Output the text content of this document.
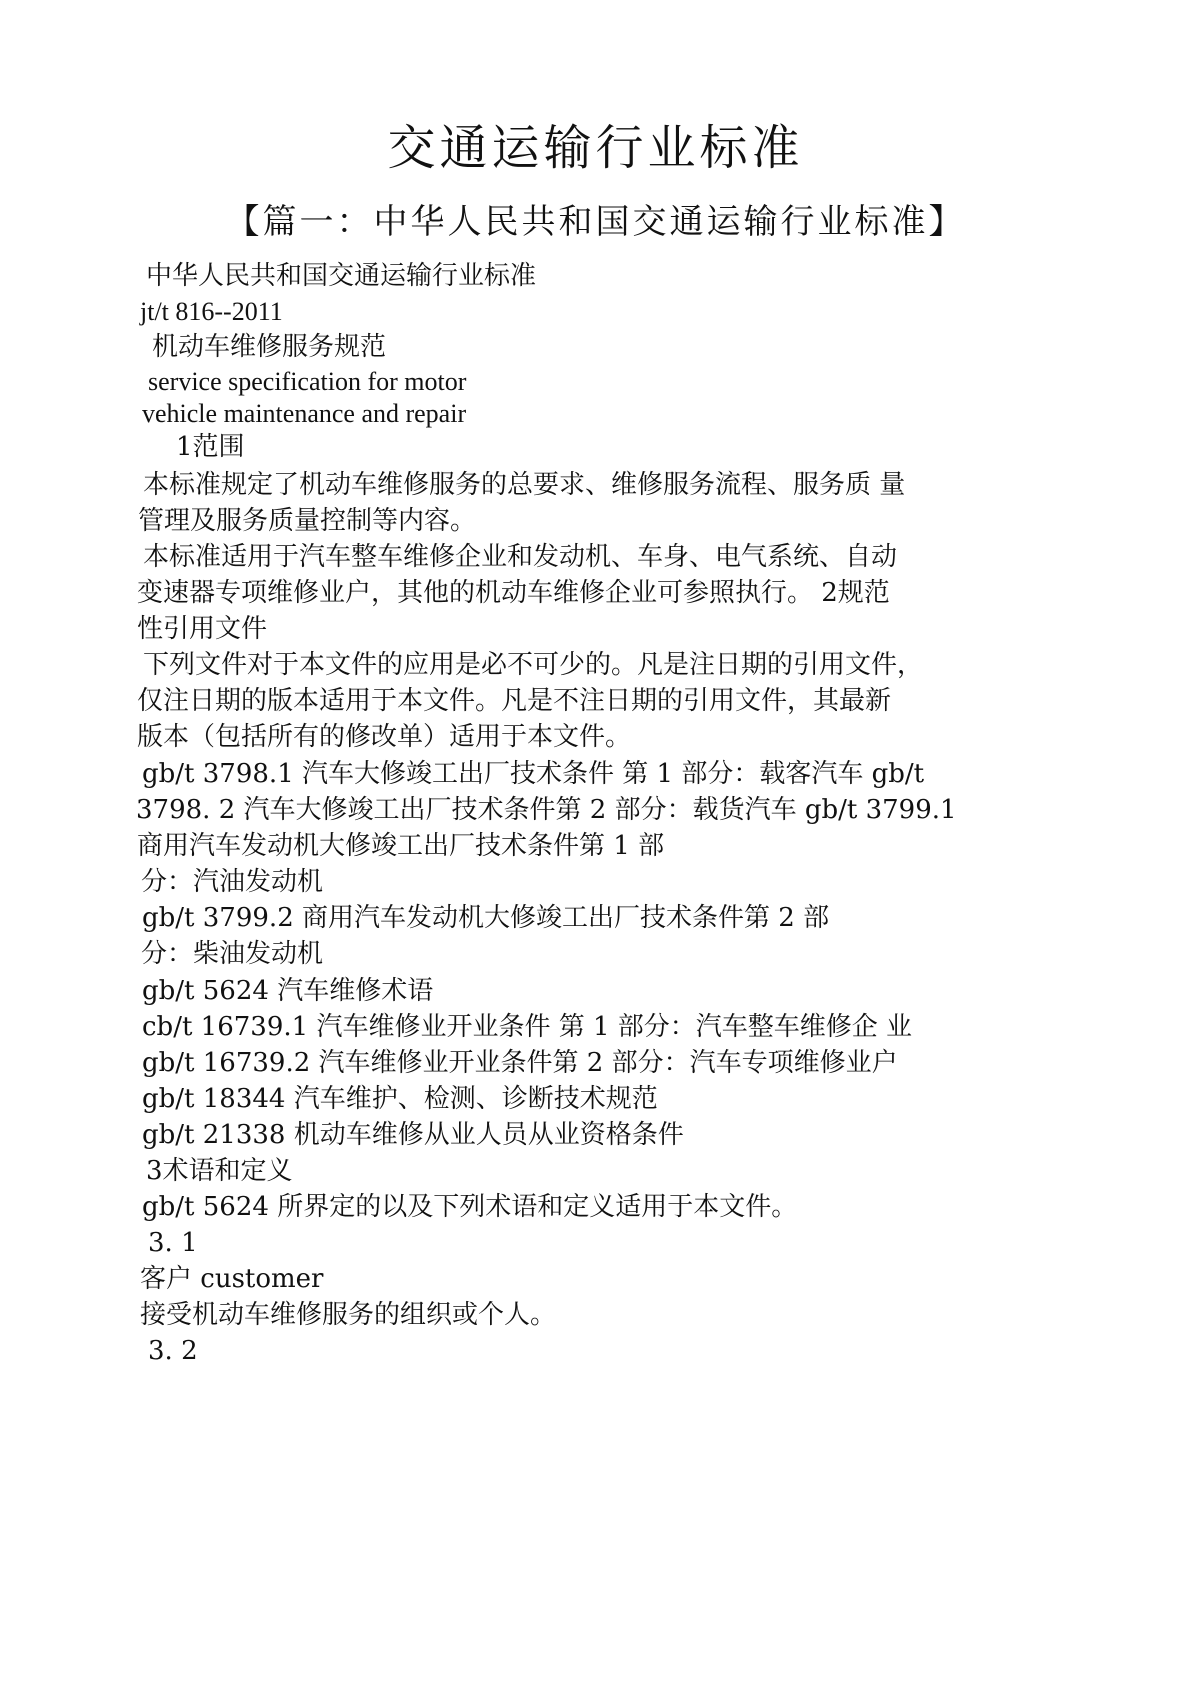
交通运输行业标准
【篇一：中华人民共和国交通运输行业标准】

中华人民共和国交通运输行业标准

jt/t 816--2011

机动车维修服务规范

service specification for motor

vehicle maintenance and repair

1范围

本标准规定了机动车维修服务的总要求、维修服务流程、服务质 量

管理及服务质量控制等内容。

本标准适用于汽车整车维修企业和发动机、车身、电气系统、自动

变速器专项维修业户，其他的机动车维修企业可参照执行。 2规范

性引用文件

下列文件对于本文件的应用是必不可少的。凡是注日期的引用文件，

仅注日期的版本适用于本文件。凡是不注日期的引用文件，其最新

版本（包括所有的修改单）适用于本文件。

gb/t 3798.1 汽车大修竣工出厂技术条件 第 1 部分：载客汽车 gb/t

3798. 2 汽车大修竣工出厂技术条件第 2 部分：载货汽车 gb/t 3799.1

商用汽车发动机大修竣工出厂技术条件第 1 部

分：汽油发动机

gb/t 3799.2 商用汽车发动机大修竣工出厂技术条件第 2 部

分：柴油发动机

gb/t 5624 汽车维修术语

cb/t 16739.1 汽车维修业开业条件 第 1 部分：汽车整车维修企 业

gb/t 16739.2 汽车维修业开业条件第 2 部分：汽车专项维修业户

gb/t 18344 汽车维护、检测、诊断技术规范

gb/t 21338 机动车维修从业人员从业资格条件

3术语和定义

gb/t 5624 所界定的以及下列术语和定义适用于本文件。

3. 1

客户 customer

接受机动车维修服务的组织或个人。

3. 2
